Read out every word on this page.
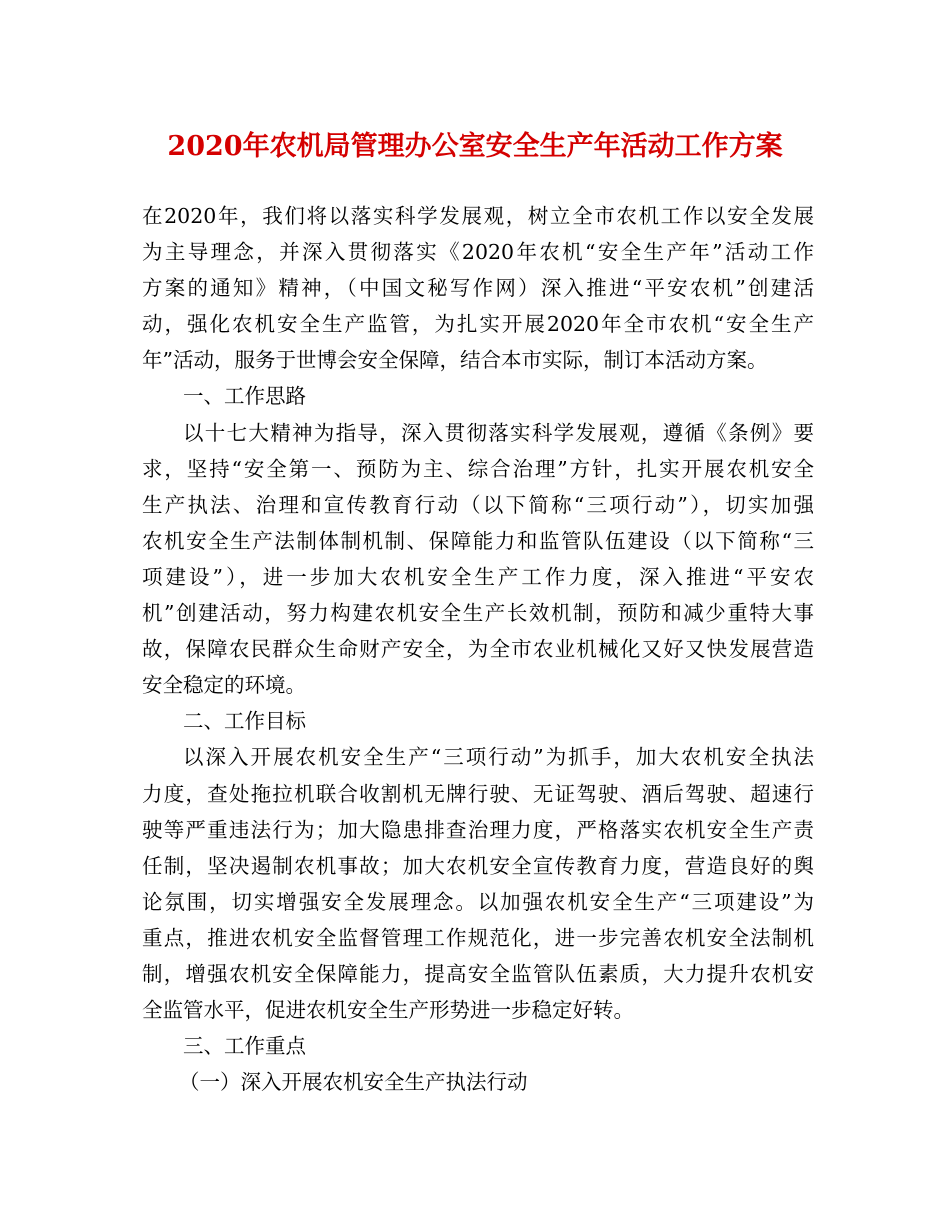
2020年农机局管理办公室安全生产年活动工作方案
在2020年，我们将以落实科学发展观，树立全市农机工作以安全发展
为主导理念，并深入贯彻落实《2020年农机“安全生产年”活动工作
方案的通知》精神，（中国文秘写作网）深入推进“平安农机”创建活
动，强化农机安全生产监管，为扎实开展2020年全市农机“安全生产
年”活动，服务于世博会安全保障，结合本市实际，制订本活动方案。
一、工作思路
以十七大精神为指导，深入贯彻落实科学发展观，遵循《条例》要
求，坚持“安全第一、预防为主、综合治理”方针，扎实开展农机安全
生产执法、治理和宣传教育行动（以下简称“三项行动”），切实加强
农机安全生产法制体制机制、保障能力和监管队伍建设（以下简称“三
项建设”），进一步加大农机安全生产工作力度，深入推进“平安农
机”创建活动，努力构建农机安全生产长效机制，预防和减少重特大事
故，保障农民群众生命财产安全，为全市农业机械化又好又快发展营造
安全稳定的环境。
二、工作目标
以深入开展农机安全生产“三项行动”为抓手，加大农机安全执法
力度，查处拖拉机联合收割机无牌行驶、无证驾驶、酒后驾驶、超速行
驶等严重违法行为；加大隐患排查治理力度，严格落实农机安全生产责
任制，坚决遏制农机事故；加大农机安全宣传教育力度，营造良好的舆
论氛围，切实增强安全发展理念。以加强农机安全生产“三项建设”为
重点，推进农机安全监督管理工作规范化，进一步完善农机安全法制机
制，增强农机安全保障能力，提高安全监管队伍素质，大力提升农机安
全监管水平，促进农机安全生产形势进一步稳定好转。
三、工作重点
（一）深入开展农机安全生产执法行动
